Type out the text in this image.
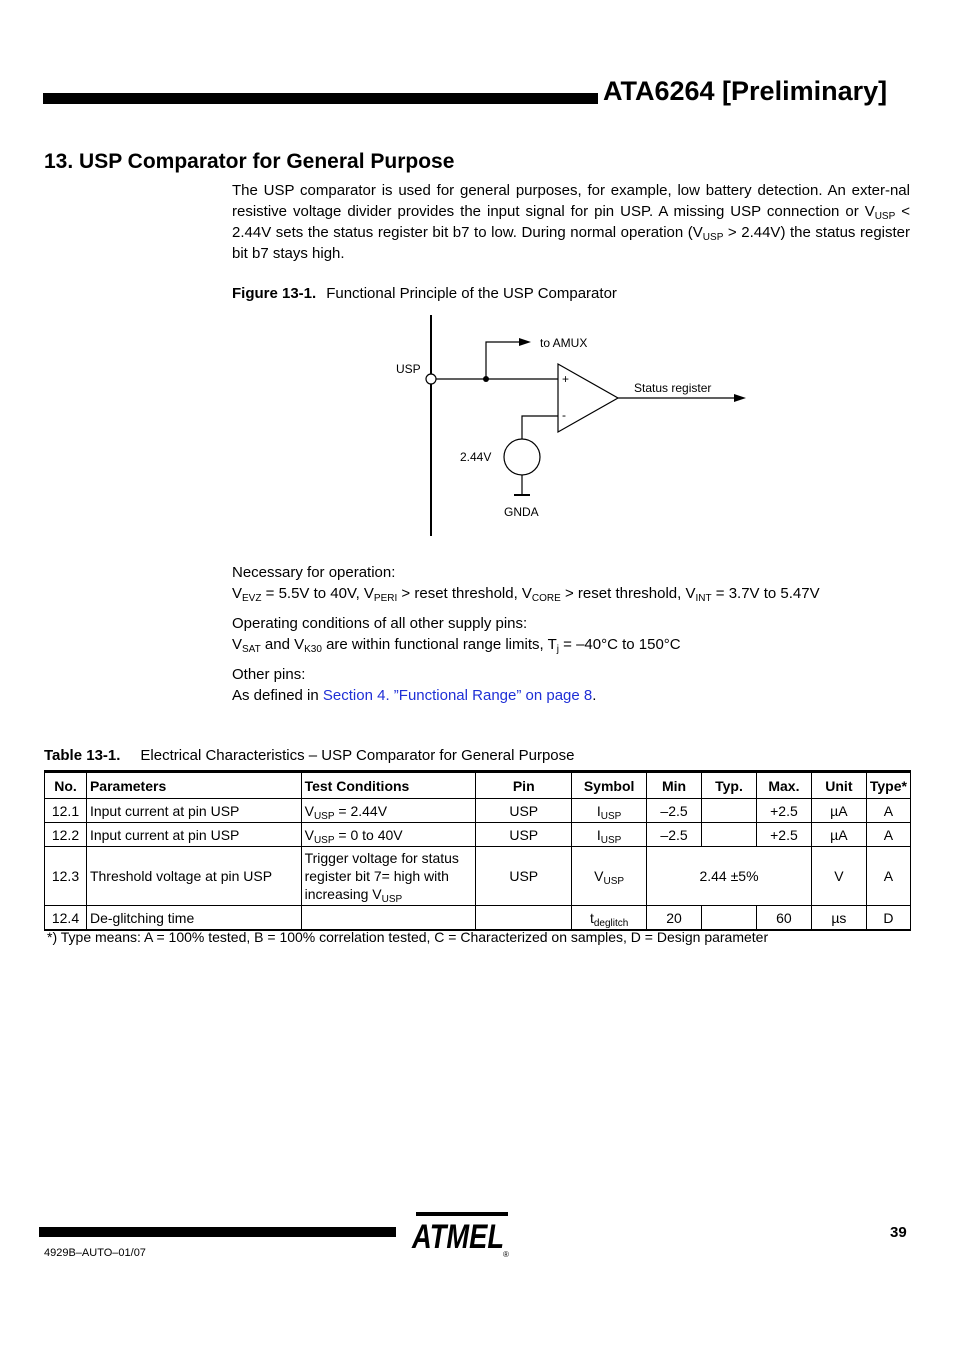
ATA6264 [Preliminary]
13. USP Comparator for General Purpose
The USP comparator is used for general purposes, for example, low battery detection. An exter-nal resistive voltage divider provides the input signal for pin USP. A missing USP connection or $V_{USP} < 2.44V$ sets the status register bit b7 to low. During normal operation $(V_{USP} > 2.44V)$ the status register bit b7 stays high.
Figure 13-1. Functional Principle of the USP Comparator
to AMUX
USP
+
-
Status register
2.44V
GNDA
Necessary for operation:
$V_{EVZ} = 5.5V$ to 40V, $V_{PERI}$ > reset threshold, $V_{CORE}$ > reset threshold, $V_{INT} = 3.7V$ to 5.47V
Operating conditions of all other supply pins:
$V_{SAT}$ and $V_{K30}$ are within functional range limits, $T_j = -40^\circ C$ to 150°C
Other pins:
As defined in Section 4. ”Functional Range” on page 8.
Table 13-1. Electrical Characteristics – USP Comparator for General Purpose
No.	Parameters	Test Conditions	Pin	Symbol	Min	Typ.	Max.	Unit	Type*
12.1	Input current at pin USP	$V_{USP} = 2.44V$	USP	$I_{USP}$	–2.5		+2.5	µA	A
12.2	Input current at pin USP	$V_{USP} = 0$ to 40V	USP	$I_{USP}$	–2.5		+2.5	µA	A
12.3	Threshold voltage at pin USP	Trigger voltage for status register bit 7= high with increasing $V_{USP}$	USP	$V_{USP}$	2.44 ±5%			V	A
12.4	De-glitching time			$t_{deglitch}$	20		60	µs	D
*) Type means: A = 100% tested, B = 100% correlation tested, C = Characterized on samples, D = Design parameter
ATMEL ®
39
4929B–AUTO–01/07
